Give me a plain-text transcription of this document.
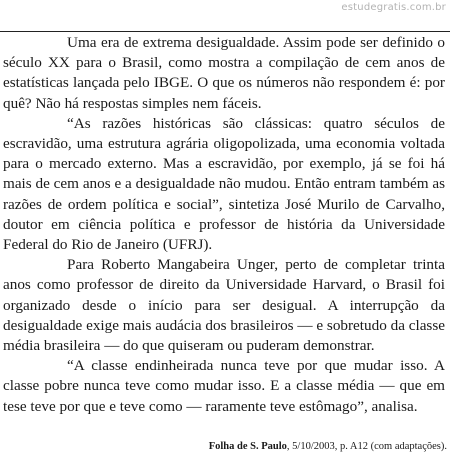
estudegratis.com.br

Uma era de extrema desigualdade. Assim pode ser definido o século XX para o Brasil, como mostra a compilação de cem anos de estatísticas lançada pelo IBGE. O que os números não respondem é: por quê? Não há respostas simples nem fáceis.

“As razões históricas são clássicas: quatro séculos de escravidão, uma estrutura agrária oligopolizada, uma economia voltada para o mercado externo. Mas a escravidão, por exemplo, já se foi há mais de cem anos e a desigualdade não mudou. Então entram também as razões de ordem política e social”, sintetiza José Murilo de Carvalho, doutor em ciência política e professor de história da Universidade Federal do Rio de Janeiro (UFRJ).

Para Roberto Mangabeira Unger, perto de completar trinta anos como professor de direito da Universidade Harvard, o Brasil foi organizado desde o início para ser desigual. A interrupção da desigualdade exige mais audácia dos brasileiros — e sobretudo da classe média brasileira — do que quiseram ou puderam demonstrar.

“A classe endinheirada nunca teve por que mudar isso. A classe pobre nunca teve como mudar isso. E a classe média — que em tese teve por que e teve como — raramente teve estômago”, analisa.

Folha de S. Paulo, 5/10/2003, p. A12 (com adaptações).
